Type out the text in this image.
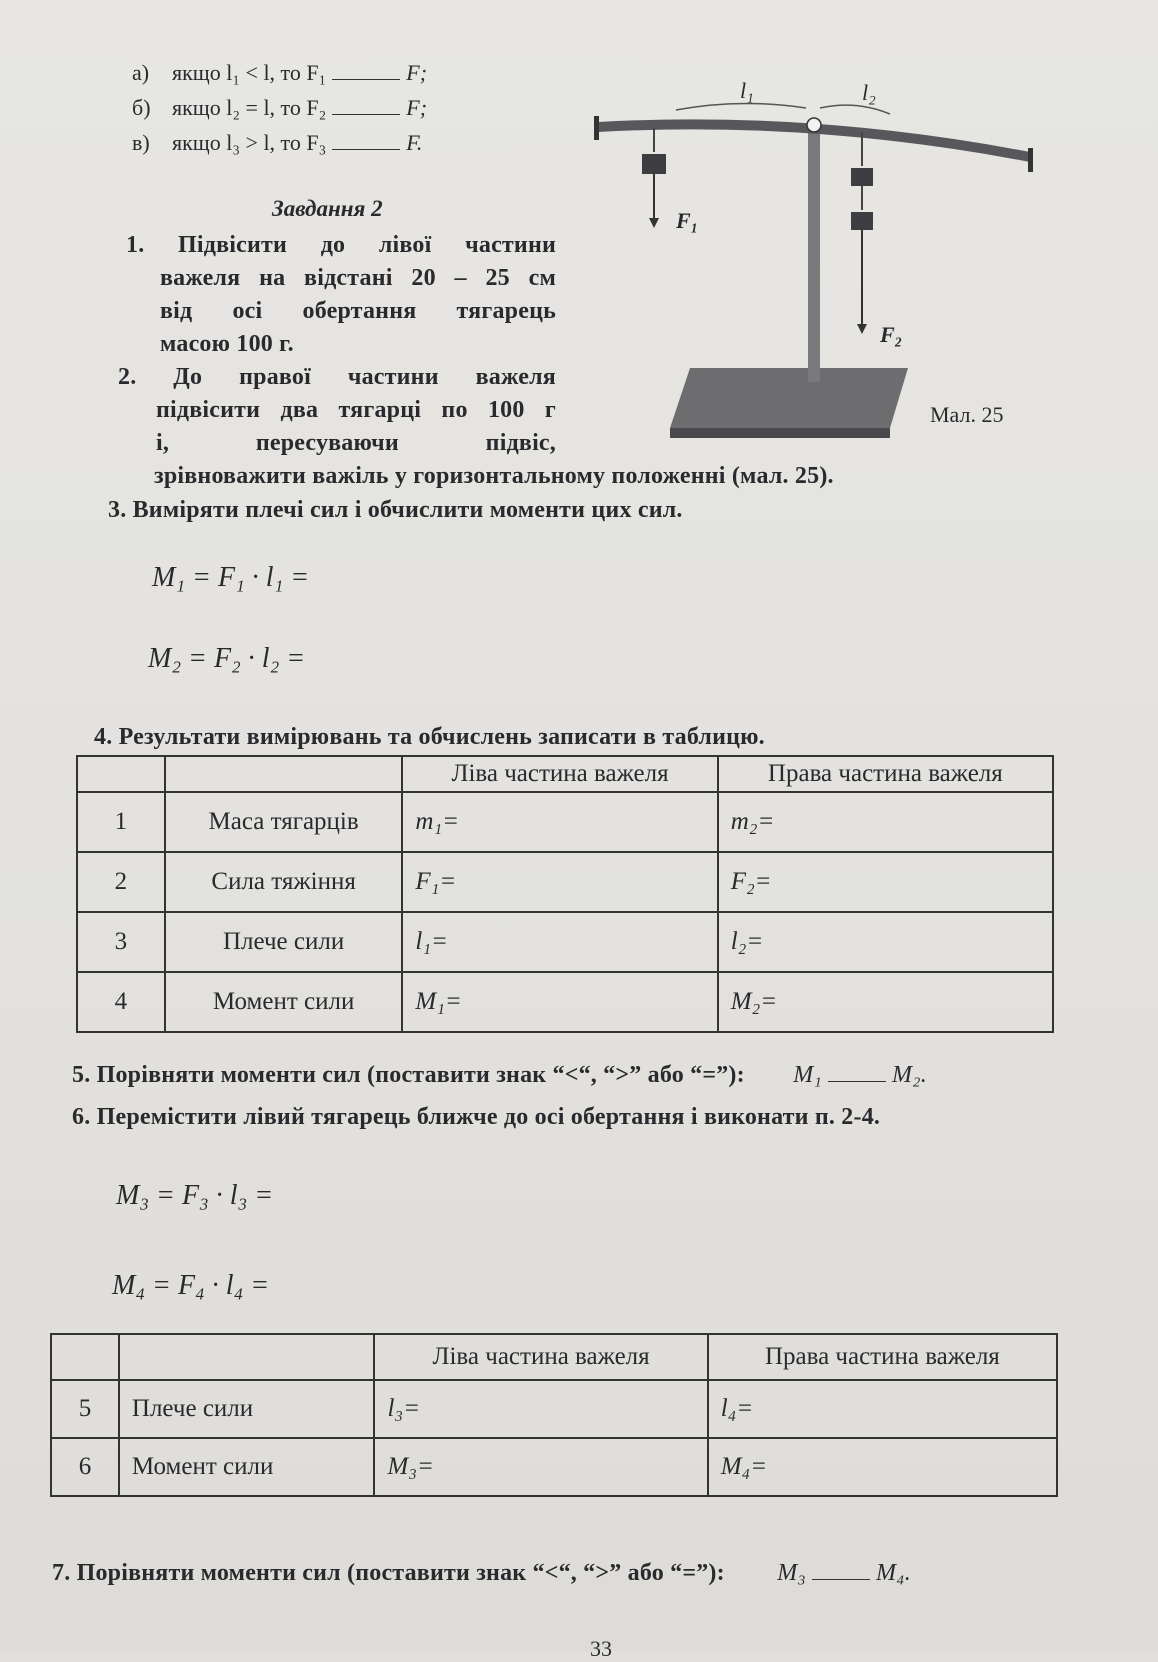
а) якщо l₁ < l, то F₁	F;
б) якщо l₂ = l, то F₂	F;
в) якщо l₃ > l, то F₃	F.
Завдання 2
1. Підвісити до лівої частини
важеля на відстані 20 – 25 см
від осі обертання тягарець
масою 100 г.
2. До правої частини важеля
підвісити два тягарці по 100 г
і, пересуваючи підвіс,
зрівноважити важіль у горизонтальному положенні (мал. 25).
3. Виміряти плечі сил і обчислити моменти цих сил.
M₁ = F₁ · l₁ =
M₂ = F₂ · l₂ =
4. Результати вимірювань та обчислень записати в таблицю.
l₁	l₂
F₁
F₂
Мал. 25
		Ліва частина важеля	Права частина важеля
1	Маса тягарців	m₁=	m₂=
2	Сила тяжіння	F₁=	F₂=
3	Плече сили	l₁=	l₂=
4	Момент сили	M₁=	M₂=
5. Порівняти моменти сил (поставити знак “<“, “>” або “=”): M₁	M₂.
6. Перемістити лівий тягарець ближче до осі обертання і виконати п. 2-4.
M₃ = F₃ · l₃ =
M₄ = F₄ · l₄ =
		Ліва частина важеля	Права частина важеля
5	Плече сили	l₃=	l₄=
6	Момент сили	M₃=	M₄=
7. Порівняти моменти сил (поставити знак “<“, “>” або “=”): M₃	M₄.
33
